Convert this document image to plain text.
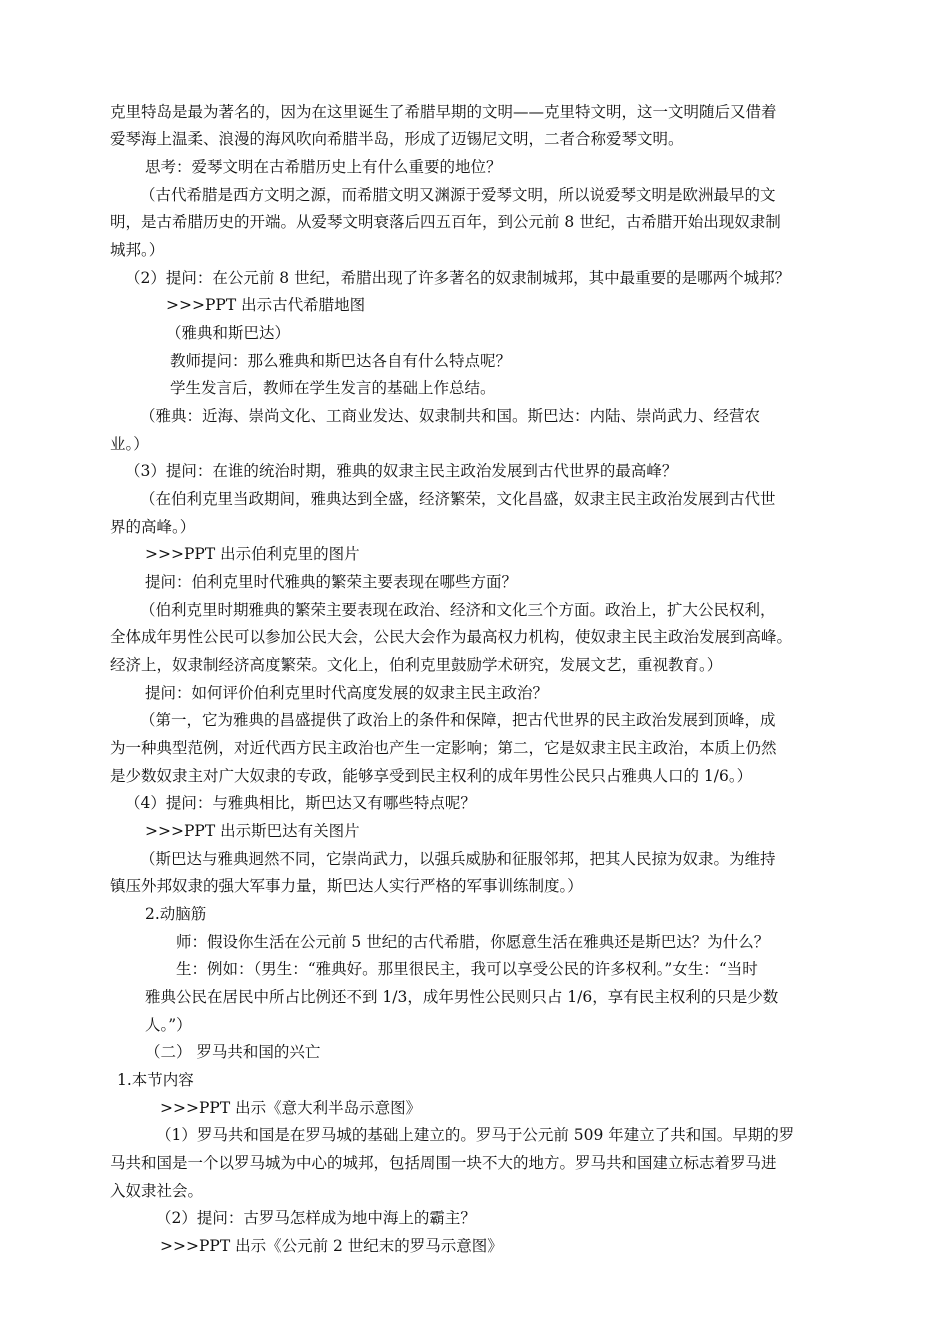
克里特岛是最为著名的，因为在这里诞生了希腊早期的文明——克里特文明，这一文明随后又借着
爱琴海上温柔、浪漫的海风吹向希腊半岛，形成了迈锡尼文明，二者合称爱琴文明。
思考：爱琴文明在古希腊历史上有什么重要的地位？
（古代希腊是西方文明之源，而希腊文明又渊源于爱琴文明，所以说爱琴文明是欧洲最早的文
明，是古希腊历史的开端。从爱琴文明衰落后四五百年，到公元前 8 世纪，古希腊开始出现奴隶制
城邦。）
（2）提问：在公元前 8 世纪，希腊出现了许多著名的奴隶制城邦，其中最重要的是哪两个城邦？
>>>PPT 出示古代希腊地图
（雅典和斯巴达）
教师提问：那么雅典和斯巴达各自有什么特点呢？
学生发言后，教师在学生发言的基础上作总结。
（雅典：近海、崇尚文化、工商业发达、奴隶制共和国。斯巴达：内陆、崇尚武力、经营农
业。）
（3）提问：在谁的统治时期，雅典的奴隶主民主政治发展到古代世界的最高峰？
（在伯利克里当政期间，雅典达到全盛，经济繁荣，文化昌盛，奴隶主民主政治发展到古代世
界的高峰。）
>>>PPT 出示伯利克里的图片
提问：伯利克里时代雅典的繁荣主要表现在哪些方面？
（伯利克里时期雅典的繁荣主要表现在政治、经济和文化三个方面。政治上，扩大公民权利，
全体成年男性公民可以参加公民大会，公民大会作为最高权力机构，使奴隶主民主政治发展到高峰。
经济上，奴隶制经济高度繁荣。文化上，伯利克里鼓励学术研究，发展文艺，重视教育。）
提问：如何评价伯利克里时代高度发展的奴隶主民主政治？
（第一，它为雅典的昌盛提供了政治上的条件和保障，把古代世界的民主政治发展到顶峰，成
为一种典型范例，对近代西方民主政治也产生一定影响；第二，它是奴隶主民主政治，本质上仍然
是少数奴隶主对广大奴隶的专政，能够享受到民主权利的成年男性公民只占雅典人口的 1/6。）
（4）提问：与雅典相比，斯巴达又有哪些特点呢？
>>>PPT 出示斯巴达有关图片
（斯巴达与雅典迥然不同，它崇尚武力，以强兵威胁和征服邻邦，把其人民掠为奴隶。为维持
镇压外邦奴隶的强大军事力量，斯巴达人实行严格的军事训练制度。）
2.动脑筋
师：假设你生活在公元前 5 世纪的古代希腊，你愿意生活在雅典还是斯巴达？为什么？
生：例如：（男生：“雅典好。那里很民主，我可以享受公民的许多权利。”女生：“当时
雅典公民在居民中所占比例还不到 1/3，成年男性公民则只占 1/6，享有民主权利的只是少数
人。”）
（二） 罗马共和国的兴亡
1.本节内容
>>>PPT 出示《意大利半岛示意图》
（1）罗马共和国是在罗马城的基础上建立的。罗马于公元前 509 年建立了共和国。早期的罗
马共和国是一个以罗马城为中心的城邦，包括周围一块不大的地方。罗马共和国建立标志着罗马进
入奴隶社会。
（2）提问：古罗马怎样成为地中海上的霸主？
>>>PPT 出示《公元前 2 世纪末的罗马示意图》
